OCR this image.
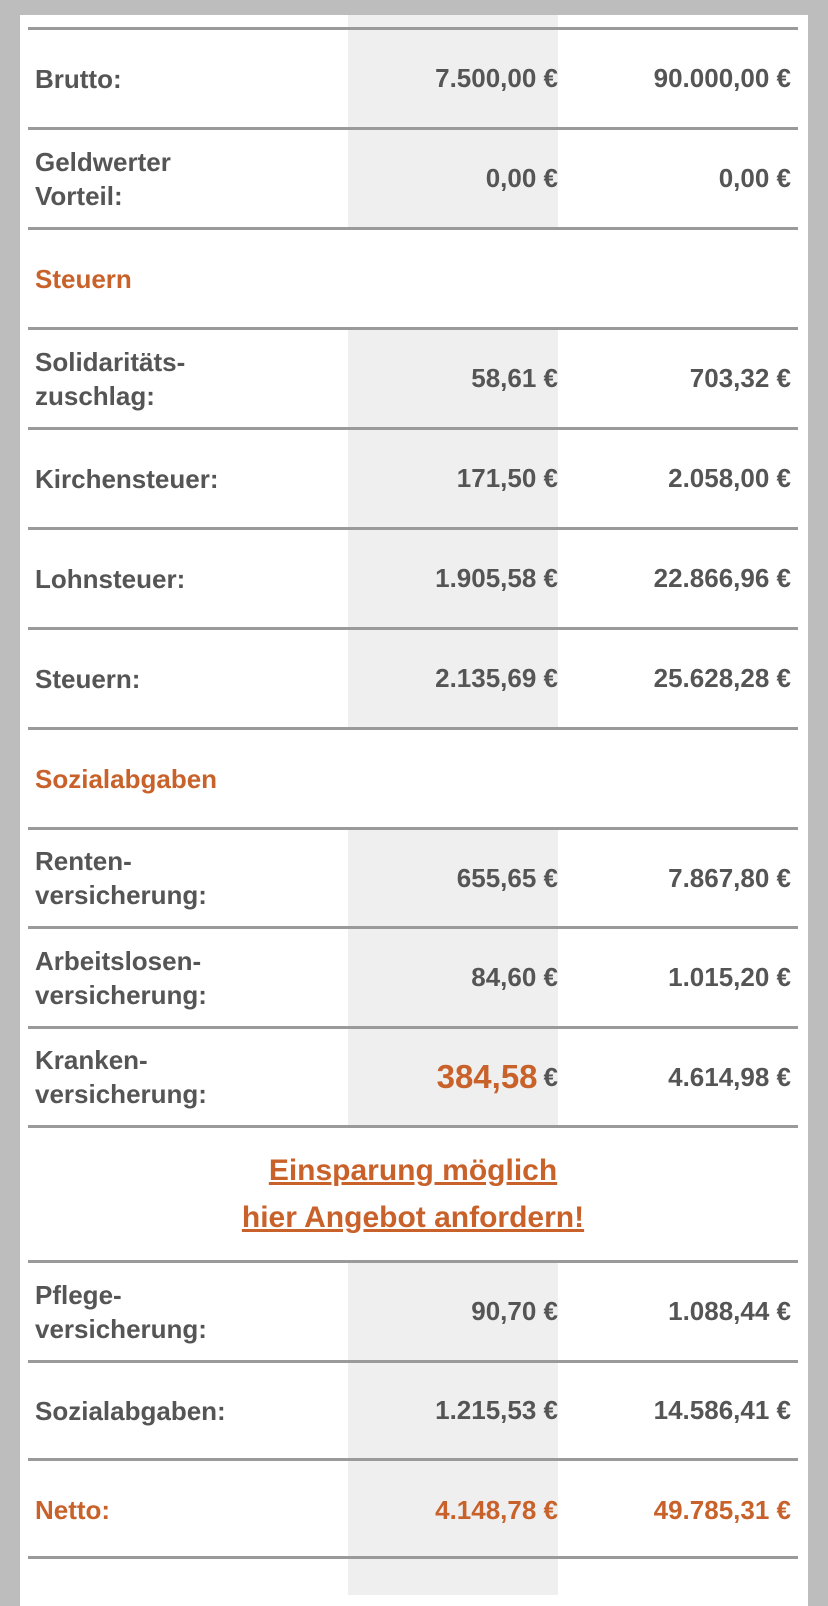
Brutto:	7.500,00 €	90.000,00 €
Geldwerter
Vorteil:
0,00 €	0,00 €
Steuern
Solidaritäts-
zuschlag:
58,61 €	703,32 €
Kirchensteuer:	171,50 €	2.058,00 €
Lohnsteuer:	1.905,58 €	22.866,96 €
Steuern:	2.135,69 €	25.628,28 €
Sozialabgaben
Renten-
versicherung:
655,65 €	7.867,80 €
Arbeitslosen-
versicherung:
84,60 €	1.015,20 €
Kranken-
versicherung:	384,58 €	4.614,98 €
Einsparung möglich
hier Angebot anfordern!
Pflege-
versicherung:
90,70 €	1.088,44 €
Sozialabgaben:	1.215,53 €	14.586,41 €
Netto:	4.148,78 €	49.785,31 €
